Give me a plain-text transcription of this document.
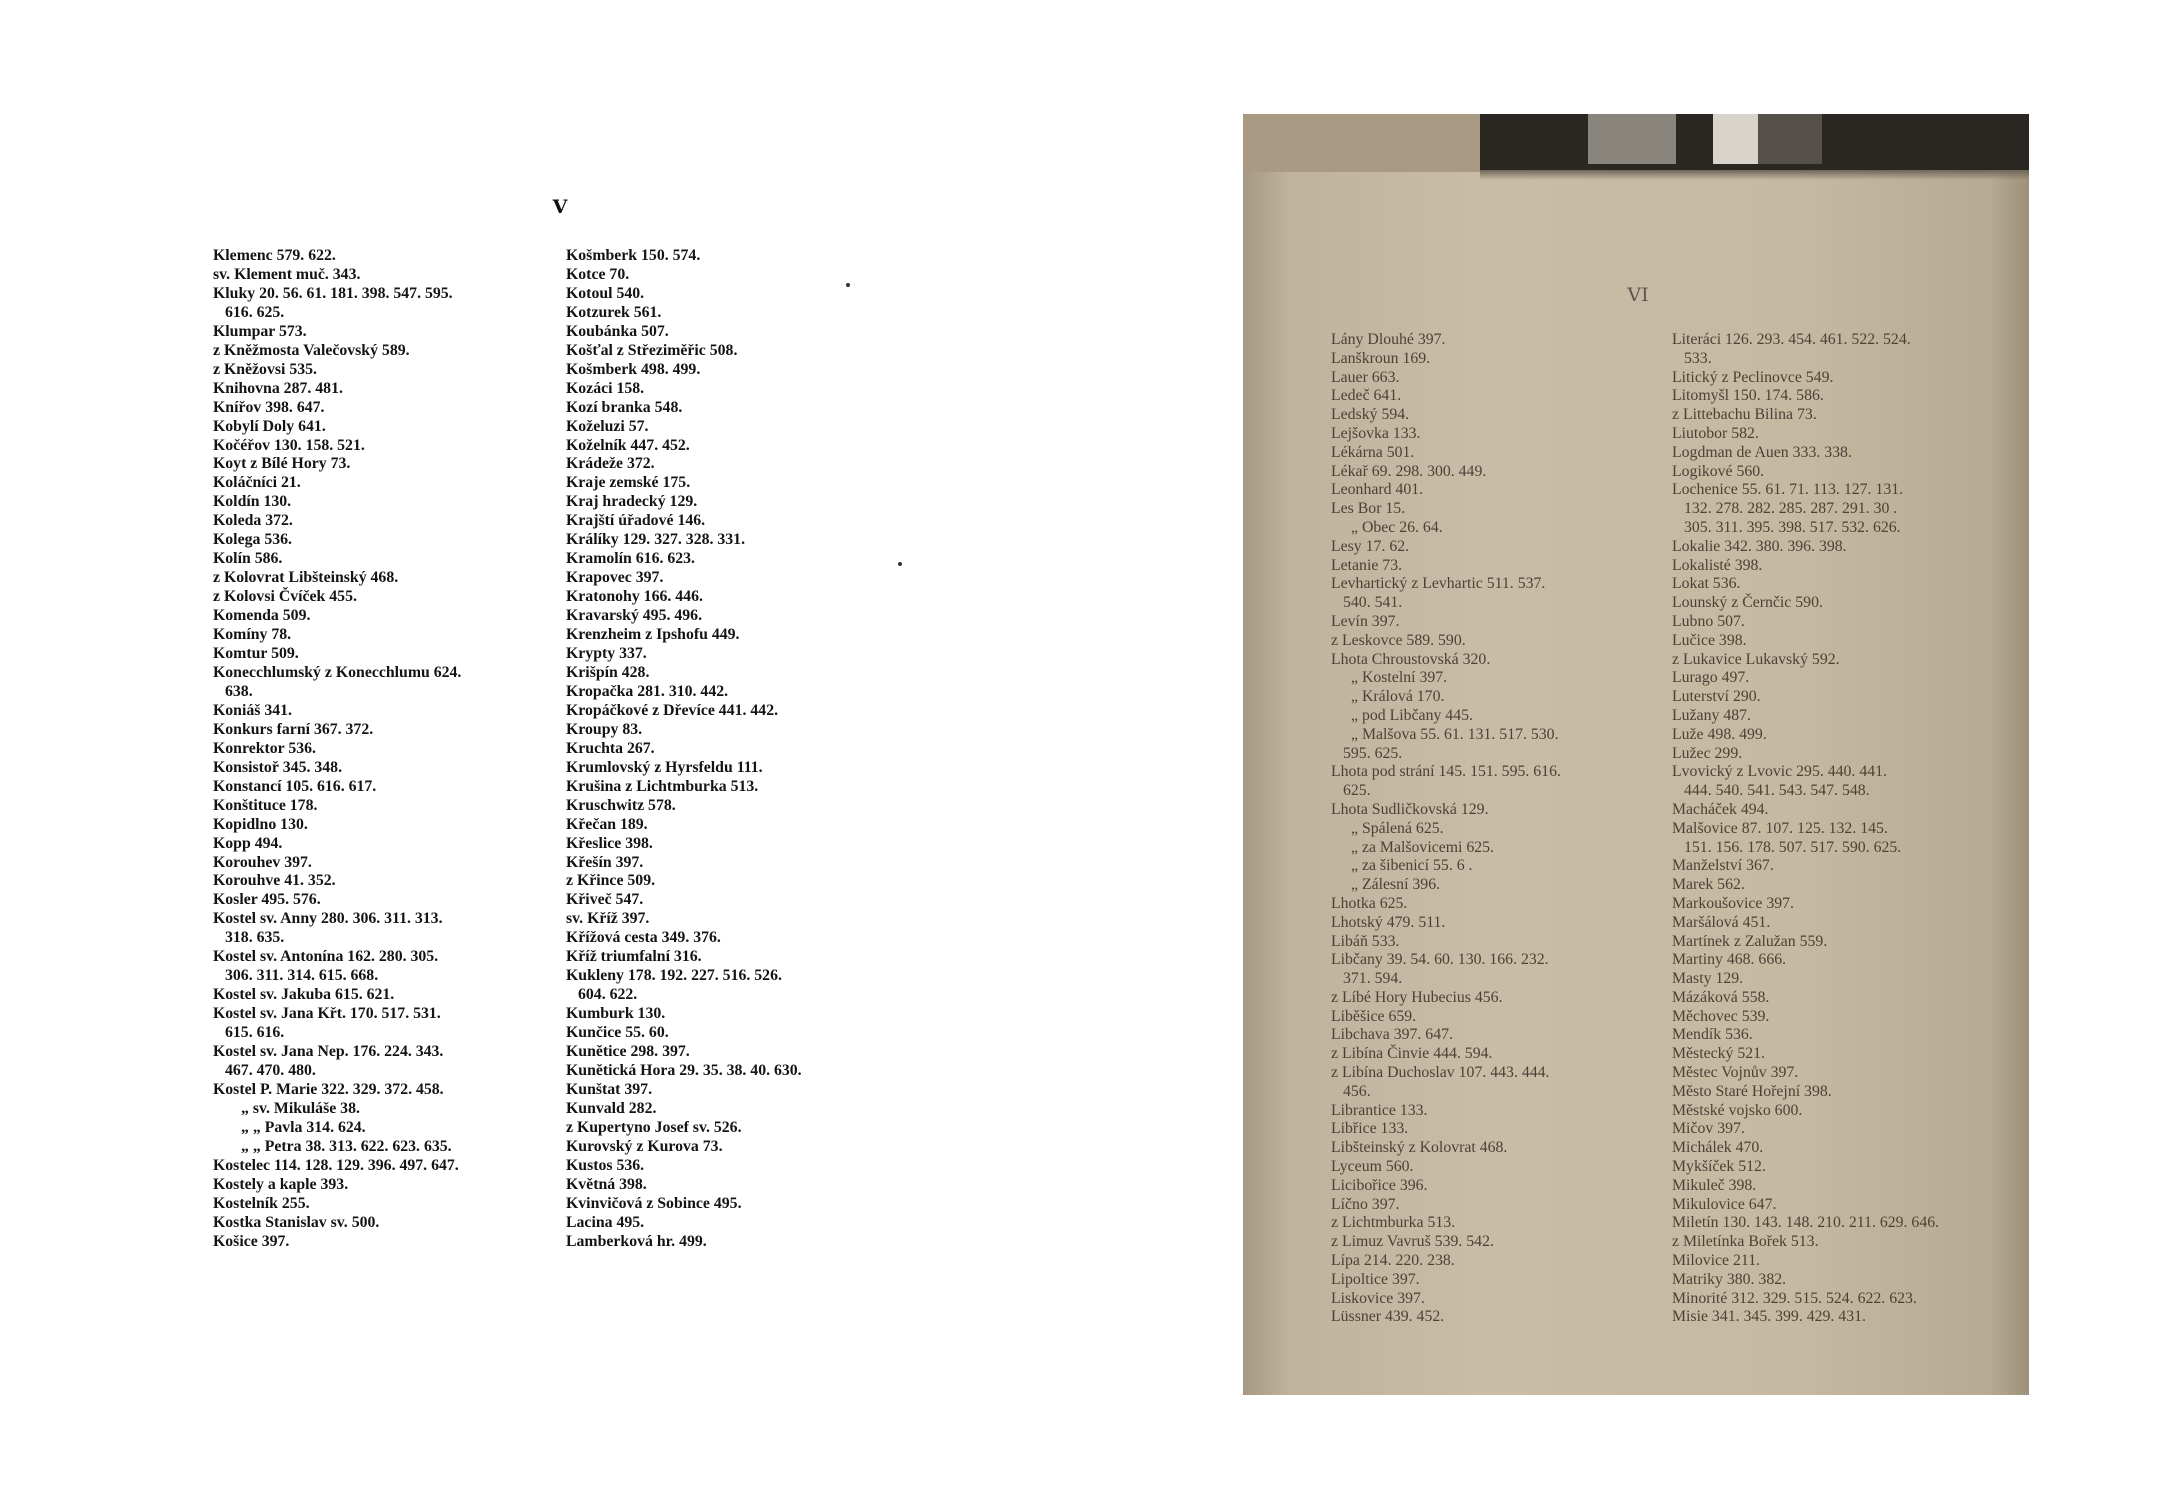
V
Klemenc 579. 622.
sv. Klement muč. 343.
Kluky 20. 56. 61. 181. 398. 547. 595.
616. 625.
Klumpar 573.
z Kněžmosta Valečovský 589.
z Kněžovsi 535.
Knihovna 287. 481.
Knířov 398. 647.
Kobylí Doly 641.
Kočéřov 130. 158. 521.
Koyt z Bílé Hory 73.
Koláčníci 21.
Koldín 130.
Koleda 372.
Kolega 536.
Kolín 586.
z Kolovrat Libšteinský 468.
z Kolovsi Čvíček 455.
Komenda 509.
Komíny 78.
Komtur 509.
Konecchlumský z Konecchlumu 624.
638.
Koniáš 341.
Konkurs farní 367. 372.
Konrektor 536.
Konsistoř 345. 348.
Konstancí 105. 616. 617.
Konštituce 178.
Kopidlno 130.
Kopp 494.
Korouhev 397.
Korouhve 41. 352.
Kosler 495. 576.
Kostel sv. Anny 280. 306. 311. 313.
318. 635.
Kostel sv. Antonína 162. 280. 305.
306. 311. 314. 615. 668.
Kostel sv. Jakuba 615. 621.
Kostel sv. Jana Křt. 170. 517. 531.
615. 616.
Kostel sv. Jana Nep. 176. 224. 343.
467. 470. 480.
Kostel P. Marie 322. 329. 372. 458.
„ sv. Mikuláše 38.
„ „ Pavla 314. 624.
„ „ Petra 38. 313. 622. 623. 635.
Kostelec 114. 128. 129. 396. 497. 647.
Kostely a kaple 393.
Kostelník 255.
Kostka Stanislav sv. 500.
Košice 397.
Košmberk 150. 574.
Kotce 70.
Kotoul 540.
Kotzurek 561.
Koubánka 507.
Košťal z Střeziměřic 508.
Košmberk 498. 499.
Kozáci 158.
Kozí branka 548.
Koželuzi 57.
Koželník 447. 452.
Krádeže 372.
Kraje zemské 175.
Kraj hradecký 129.
Krajští úřadové 146.
Králíky 129. 327. 328. 331.
Kramolín 616. 623.
Krapovec 397.
Kratonohy 166. 446.
Kravarský 495. 496.
Krenzheim z Ipshofu 449.
Krypty 337.
Krišpín 428.
Kropačka 281. 310. 442.
Kropáčkové z Dřevíce 441. 442.
Kroupy 83.
Kruchta 267.
Krumlovský z Hyrsfeldu 111.
Krušina z Lichtmburka 513.
Kruschwitz 578.
Křečan 189.
Křeslice 398.
Křešín 397.
z Křince 509.
Křiveč 547.
sv. Kříž 397.
Křížová cesta 349. 376.
Kříž triumfalní 316.
Kukleny 178. 192. 227. 516. 526.
604. 622.
Kumburk 130.
Kunčice 55. 60.
Kunětice 298. 397.
Kunětická Hora 29. 35. 38. 40. 630.
Kunštat 397.
Kunvald 282.
z Kupertyno Josef sv. 526.
Kurovský z Kurova 73.
Kustos 536.
Květná 398.
Kvinvičová z Sobince 495.
Lacina 495.
Lamberková hr. 499.
VI
Lány Dlouhé 397.
Lanškroun 169.
Lauer 663.
Ledeč 641.
Ledský 594.
Lejšovka 133.
Lékárna 501.
Lékař 69. 298. 300. 449.
Leonhard 401.
Les Bor 15.
„ Obec 26. 64.
Lesy 17. 62.
Letanie 73.
Levhartický z Levhartic 511. 537.
540. 541.
Levín 397.
z Leskovce 589. 590.
Lhota Chroustovská 320.
„ Kostelní 397.
„ Králová 170.
„ pod Libčany 445.
„ Malšova 55. 61. 131. 517. 530.
595. 625.
Lhota pod strání 145. 151. 595. 616.
625.
Lhota Sudličkovská 129.
„ Spálená 625.
„ za Malšovicemi 625.
„ za šibenicí 55. 6 .
„ Zálesní 396.
Lhotka 625.
Lhotský 479. 511.
Libáň 533.
Libčany 39. 54. 60. 130. 166. 232.
371. 594.
z Líbé Hory Hubecius 456.
Liběšice 659.
Libchava 397. 647.
z Libína Činvie 444. 594.
z Libína Duchoslav 107. 443. 444.
456.
Librantice 133.
Libřice 133.
Libšteinský z Kolovrat 468.
Lyceum 560.
Licibořice 396.
Líčno 397.
z Lichtmburka 513.
z Limuz Vavruš 539. 542.
Lípa 214. 220. 238.
Lipoltice 397.
Liskovice 397.
Lüssner 439. 452.
Literáci 126. 293. 454. 461. 522. 524.
533.
Litický z Peclinovce 549.
Litomyšl 150. 174. 586.
z Littebachu Bilina 73.
Liutobor 582.
Logdman de Auen 333. 338.
Logikové 560.
Lochenice 55. 61. 71. 113. 127. 131.
132. 278. 282. 285. 287. 291. 30 .
305. 311. 395. 398. 517. 532. 626.
Lokalie 342. 380. 396. 398.
Lokalisté 398.
Lokat 536.
Lounský z Černčic 590.
Lubno 507.
Lučice 398.
z Lukavice Lukavský 592.
Lurago 497.
Luterství 290.
Lužany 487.
Luže 498. 499.
Lužec 299.
Lvovický z Lvovic 295. 440. 441.
444. 540. 541. 543. 547. 548.
Macháček 494.
Malšovice 87. 107. 125. 132. 145.
151. 156. 178. 507. 517. 590. 625.
Manželství 367.
Marek 562.
Markoušovice 397.
Maršálová 451.
Martínek z Zalužan 559.
Martiny 468. 666.
Masty 129.
Mázáková 558.
Měchovec 539.
Mendík 536.
Městecký 521.
Městec Vojnův 397.
Město Staré Hořejní 398.
Městské vojsko 600.
Mičov 397.
Michálek 470.
Mykšíček 512.
Mikuleč 398.
Mikulovice 647.
Miletín 130. 143. 148. 210. 211. 629. 646.
z Miletínka Bořek 513.
Milovice 211.
Matriky 380. 382.
Minorité 312. 329. 515. 524. 622. 623.
Misie 341. 345. 399. 429. 431.
